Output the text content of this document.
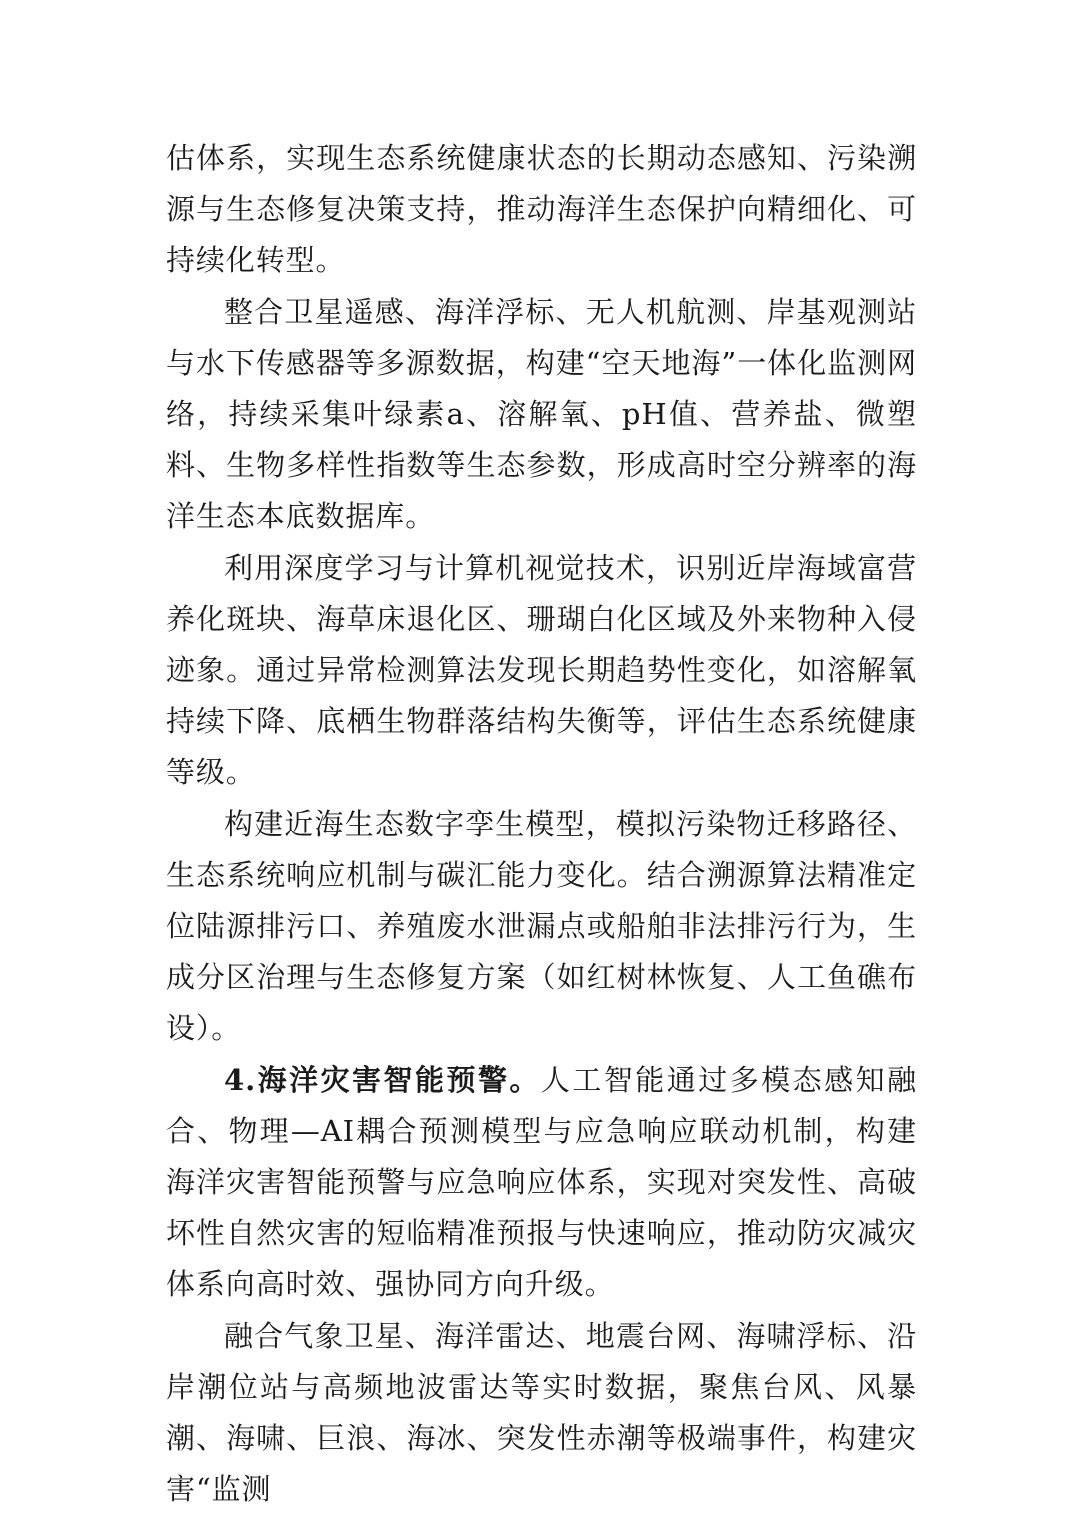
估体系，实现生态系统健康状态的长期动态感知、污染溯源与生态修复决策支持，推动海洋生态保护向精细化、可持续化转型。

整合卫星遥感、海洋浮标、无人机航测、岸基观测站与水下传感器等多源数据，构建“空天地海”一体化监测网络，持续采集叶绿素a、溶解氧、pH值、营养盐、微塑料、生物多样性指数等生态参数，形成高时空分辨率的海洋生态本底数据库。

利用深度学习与计算机视觉技术，识别近岸海域富营养化斑块、海草床退化区、珊瑚白化区域及外来物种入侵迹象。通过异常检测算法发现长期趋势性变化，如溶解氧持续下降、底栖生物群落结构失衡等，评估生态系统健康等级。

构建近海生态数字孪生模型，模拟污染物迁移路径、生态系统响应机制与碳汇能力变化。结合溯源算法精准定位陆源排污口、养殖废水泄漏点或船舶非法排污行为，生成分区治理与生态修复方案（如红树林恢复、人工鱼礁布设）。

4.海洋灾害智能预警。人工智能通过多模态感知融合、物理—AI耦合预测模型与应急响应联动机制，构建海洋灾害智能预警与应急响应体系，实现对突发性、高破坏性自然灾害的短临精准预报与快速响应，推动防灾减灾体系向高时效、强协同方向升级。

融合气象卫星、海洋雷达、地震台网、海啸浮标、沿岸潮位站与高频地波雷达等实时数据，聚焦台风、风暴潮、海啸、巨浪、海冰、突发性赤潮等极端事件，构建灾害“监测
